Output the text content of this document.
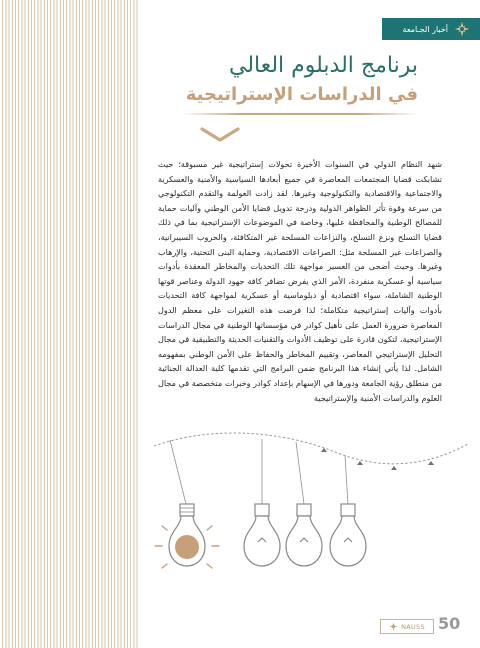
أخبار الجـامعة
برنامج الدبلوم العالي
في الدراسات الإستراتيجية

شهد النظام الدولي في السنوات الأخيرة تحولات إستراتيجية غير مسبوقة؛ حيث تشابكت قضايا المجتمعات المعاصرة في جميع أبعادها السياسية والأمنية والعسكرية والاجتماعية والاقتصادية والتكنولوجية وغيرها. لقد زادت العولمة والتقدم التكنولوجي من سرعة وقوة تأثر الظواهر الدولية ودرجة تدويل قضايا الأمن الوطني وآليات حماية للمصالح الوطنية والمحافظة عليها، وخاصة في الموضوعات الإستراتيجية بما في ذلك قضايا التسلح ونزع التسلح، والنزاعات المسلحة غير المتكافئة، والحروب السيبرانية، والصراعات غير المسلحة مثل: الصراعات الاقتصادية، وحماية البنى التحتية، والإرهاب وغيرها. وحيث أضحى من العسير مواجهة تلك التحديات والمخاطر المعقدة بأدوات سياسية أو عسكرية منفردة، الأمر الذي يفرض تضافر كافة جهود الدولة وعناصر قوتها الوطنية الشاملة، سواء اقتصادية أو دبلوماسية أو عسكرية لمواجهة كافة التحديات بأدوات وآليات إستراتيجية متكاملة؛ لذا فرضت هذه التغيرات على معظم الدول المعاصرة ضرورة العمل على تأهيل كوادر في مؤسساتها الوطنية في مجال الدراسات الإستراتيجية، لتكون قادرة على توظيف الأدوات والتقنيات الحديثة والتطبيقية في مجال التحليل الإستراتيجي المعاصر، وتقييم المخاطر والحفاظ على الأمن الوطني بمفهومه الشامل. لذا يأتي إنشاء هذا البرنامج ضمن البرامج التي تقدمها كلية العدالة الجنائية من منطلق رؤية الجامعة ودورها في الإسهام بإعداد كوادر وخبرات متخصصة في مجال العلوم والدراسات الأمنية والإستراتيجية

NAUSS 50
